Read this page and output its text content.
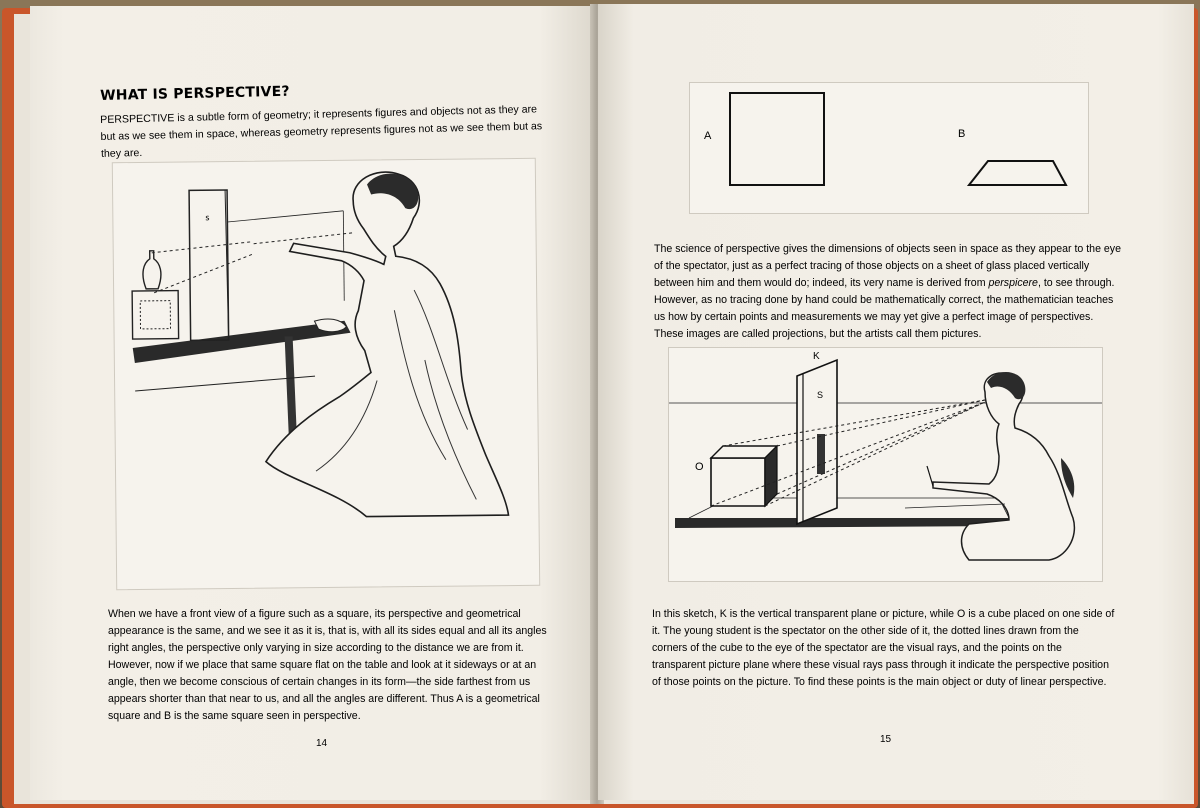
WHAT IS PERSPECTIVE?

PERSPECTIVE is a subtle form of geometry; it represents figures and objects not as they are but as we see them in space, whereas geometry represents figures not as we see them but as they are.

s

When we have a front view of a figure such as a square, its perspective and geometrical appearance is the same, and we see it as it is, that is, with all its sides equal and all its angles right angles, the perspective only varying in size according to the distance we are from it. However, now if we place that same square flat on the table and look at it sideways or at an angle, then we become conscious of certain changes in its form—the side farthest from us appears shorter than that near to us, and all the angles are different. Thus A is a geometrical square and B is the same square seen in perspective.

14
A	B

The science of perspective gives the dimensions of objects seen in space as they appear to the eye of the spectator, just as a perfect tracing of those objects on a sheet of glass placed vertically between him and them would do; indeed, its very name is derived from perspicere, to see through. However, as no tracing done by hand could be mathematically correct, the mathematician teaches us how by certain points and measurements we may yet give a perfect image of perspectives. These images are called projections, but the artists call them pictures.

O
K
S

In this sketch, K is the vertical transparent plane or picture, while O is a cube placed on one side of it. The young student is the spectator on the other side of it, the dotted lines drawn from the corners of the cube to the eye of the spectator are the visual rays, and the points on the transparent picture plane where these visual rays pass through it indicate the perspective position of those points on the picture. To find these points is the main object or duty of linear perspective.

15
